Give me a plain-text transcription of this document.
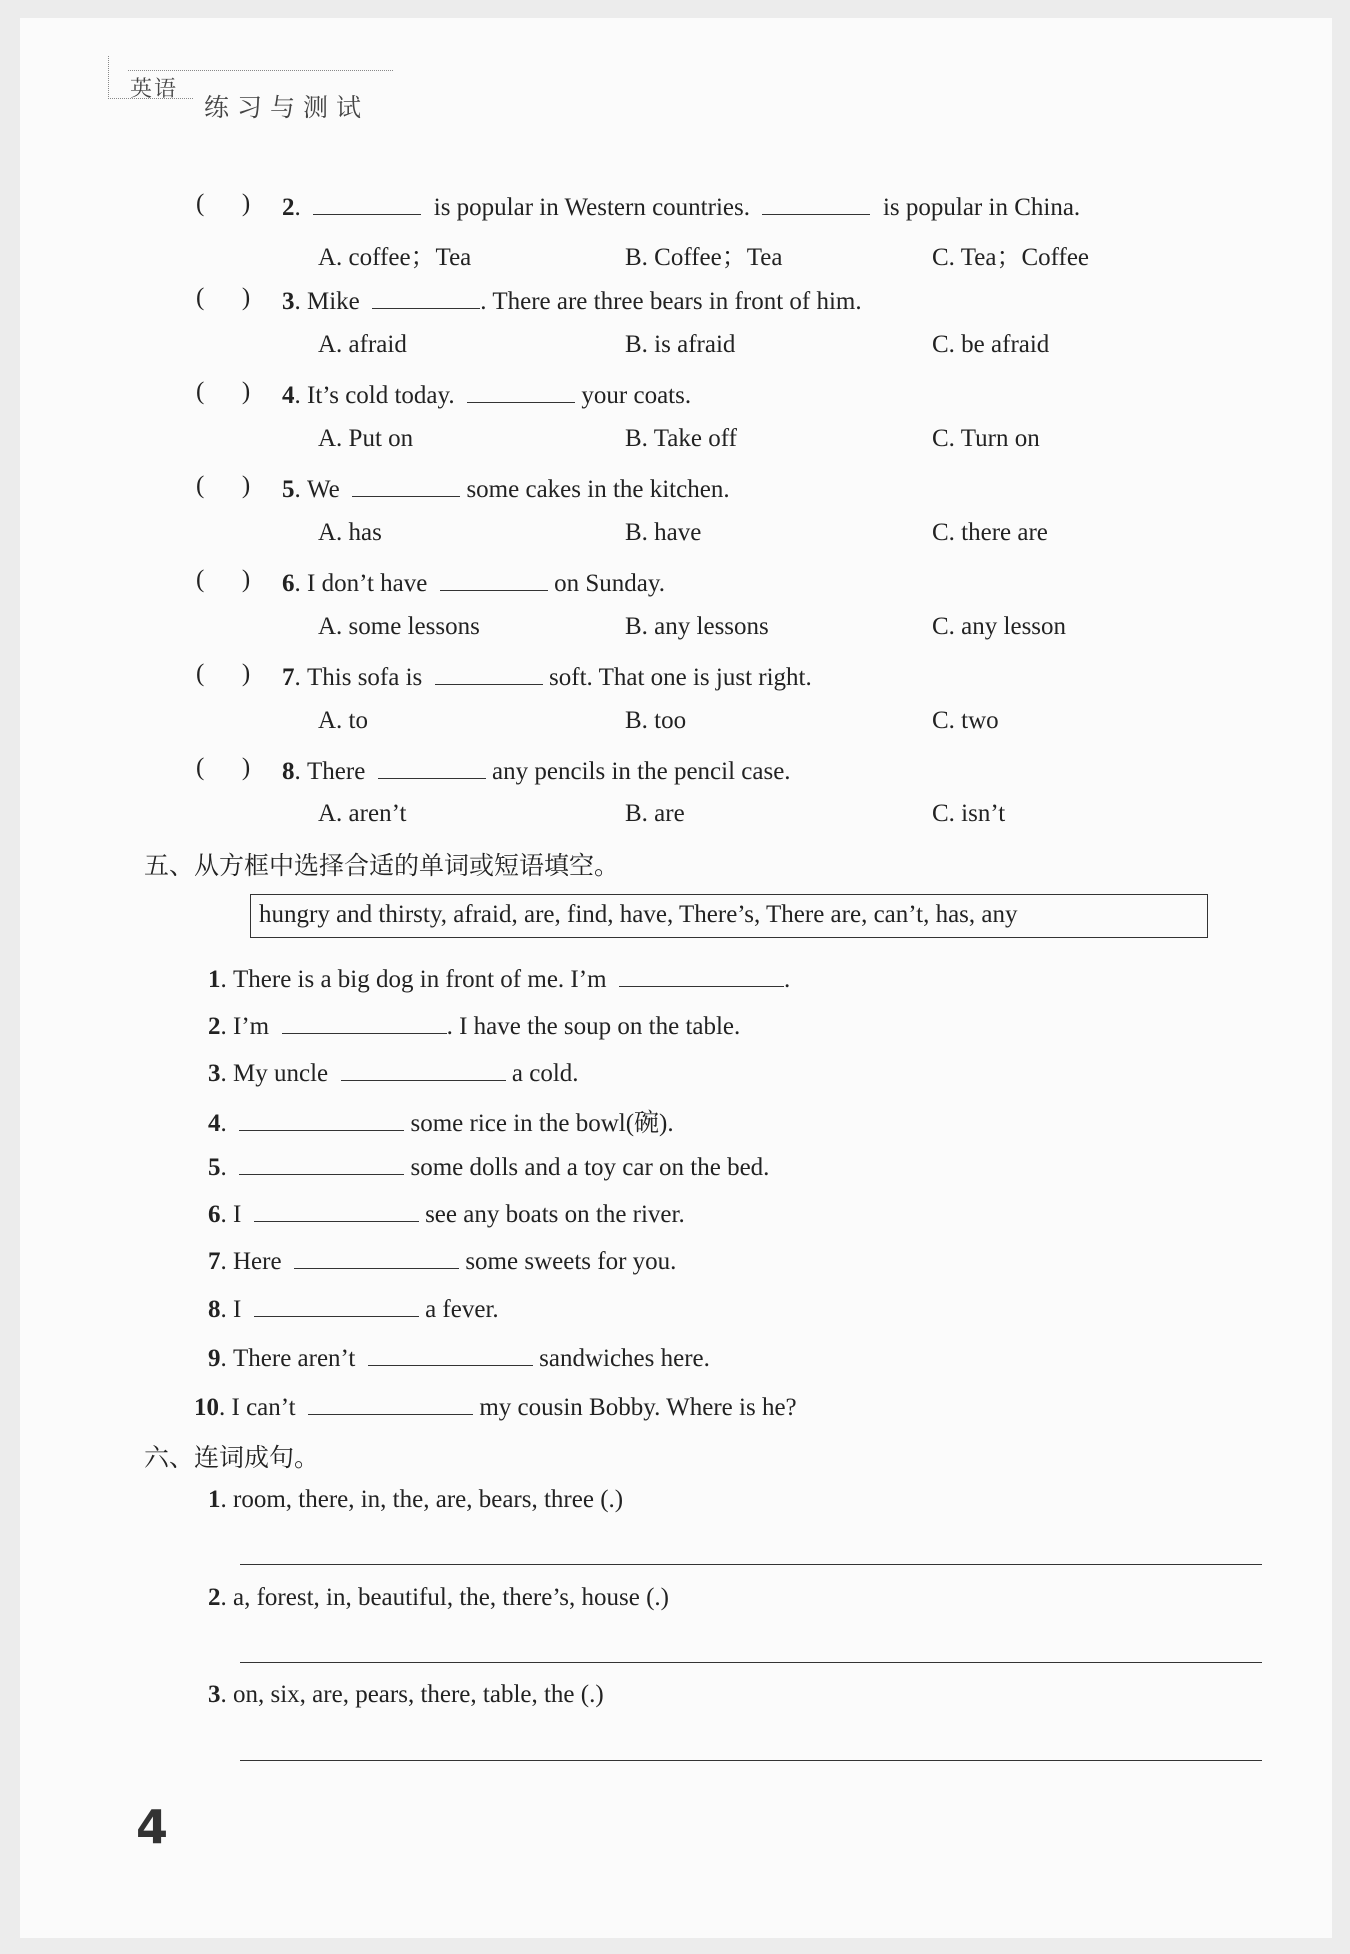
英语
练习与测试
(      ) 2.	is popular in Western countries.	is popular in China.
A. coffee；Tea	B. Coffee；Tea	C. Tea；Coffee
(      ) 3. Mike	. There are three bears in front of him.
A. afraid	B. is afraid	C. be afraid
(      ) 4. It’s cold today.	your coats.
A. Put on	B. Take off	C. Turn on
(      ) 5. We	some cakes in the kitchen.
A. has	B. have	C. there are
(      ) 6. I don’t have	on Sunday.
A. some lessons	B. any lessons	C. any lesson
(      ) 7. This sofa is	soft. That one is just right.
A. to	B. too	C. two
(      ) 8. There	any pencils in the pencil case.
A. aren’t	B. are	C. isn’t
五、从方框中选择合适的单词或短语填空。
hungry and thirsty, afraid, are, find, have, There’s, There are, can’t, has, any
1. There is a big dog in front of me. I’m	.
2. I’m	. I have the soup on the table.
3. My uncle	a cold.
4.	some rice in the bowl(碗).
5.	some dolls and a toy car on the bed.
6. I	see any boats on the river.
7. Here	some sweets for you.
8. I	a fever.
9. There aren’t	sandwiches here.
10. I can’t	my cousin Bobby. Where is he?
六、连词成句。
1. room, there, in, the, are, bears, three (.)
2. a, forest, in, beautiful, the, there’s, house (.)
3. on, six, are, pears, there, table, the (.)
4
